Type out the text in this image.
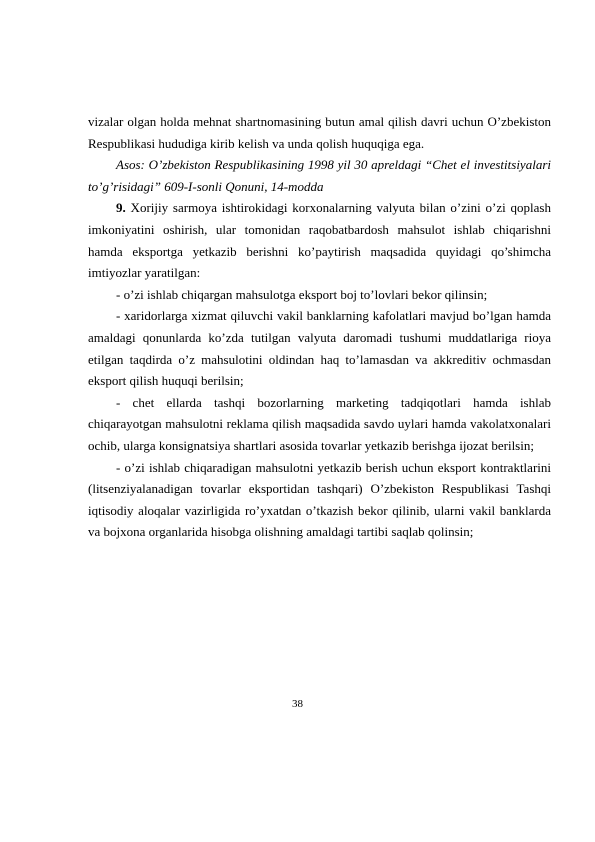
vizalar olgan holda mehnat shartnomasining butun amal qilish davri uchun O’zbekiston Respublikasi hududiga kirib kelish va unda qolish huquqiga ega.

Asos: O’zbekiston Respublikasining 1998 yil 30 apreldagi “Chet el investitsiyalari to’g’risidagi” 609-I-sonli Qonuni, 14-modda

9. Xorijiy sarmoya ishtirokidagi korxonalarning valyuta bilan o’zini o’zi qoplash imkoniyatini oshirish, ular tomonidan raqobatbardosh mahsulot ishlab chiqarishni hamda eksportga yetkazib berishni ko’paytirish maqsadida quyidagi qo’shimcha imtiyozlar yaratilgan:

- o’zi ishlab chiqargan mahsulotga eksport boj to’lovlari bekor qilinsin;

- xaridorlarga xizmat qiluvchi vakil banklarning kafolatlari mavjud bo’lgan hamda amaldagi qonunlarda ko’zda tutilgan valyuta daromadi tushumi muddatlariga rioya etilgan taqdirda o’z mahsulotini oldindan haq to’lamasdan va akkreditiv ochmasdan eksport qilish huquqi berilsin;

- chet ellarda tashqi bozorlarning marketing tadqiqotlari hamda ishlab chiqarayotgan mahsulotni reklama qilish maqsadida savdo uylari hamda vakolatxonalari ochib, ularga konsignatsiya shartlari asosida tovarlar yetkazib berishga ijozat berilsin;

- o’zi ishlab chiqaradigan mahsulotni yetkazib berish uchun eksport kontraktlarini (litsenziyalanadigan tovarlar eksportidan tashqari) O’zbekiston Respublikasi Tashqi iqtisodiy aloqalar vazirligida ro’yxatdan o’tkazish bekor qilinib, ularni vakil banklarda va bojxona organlarida hisobga olishning amaldagi tartibi saqlab qolinsin;

38
